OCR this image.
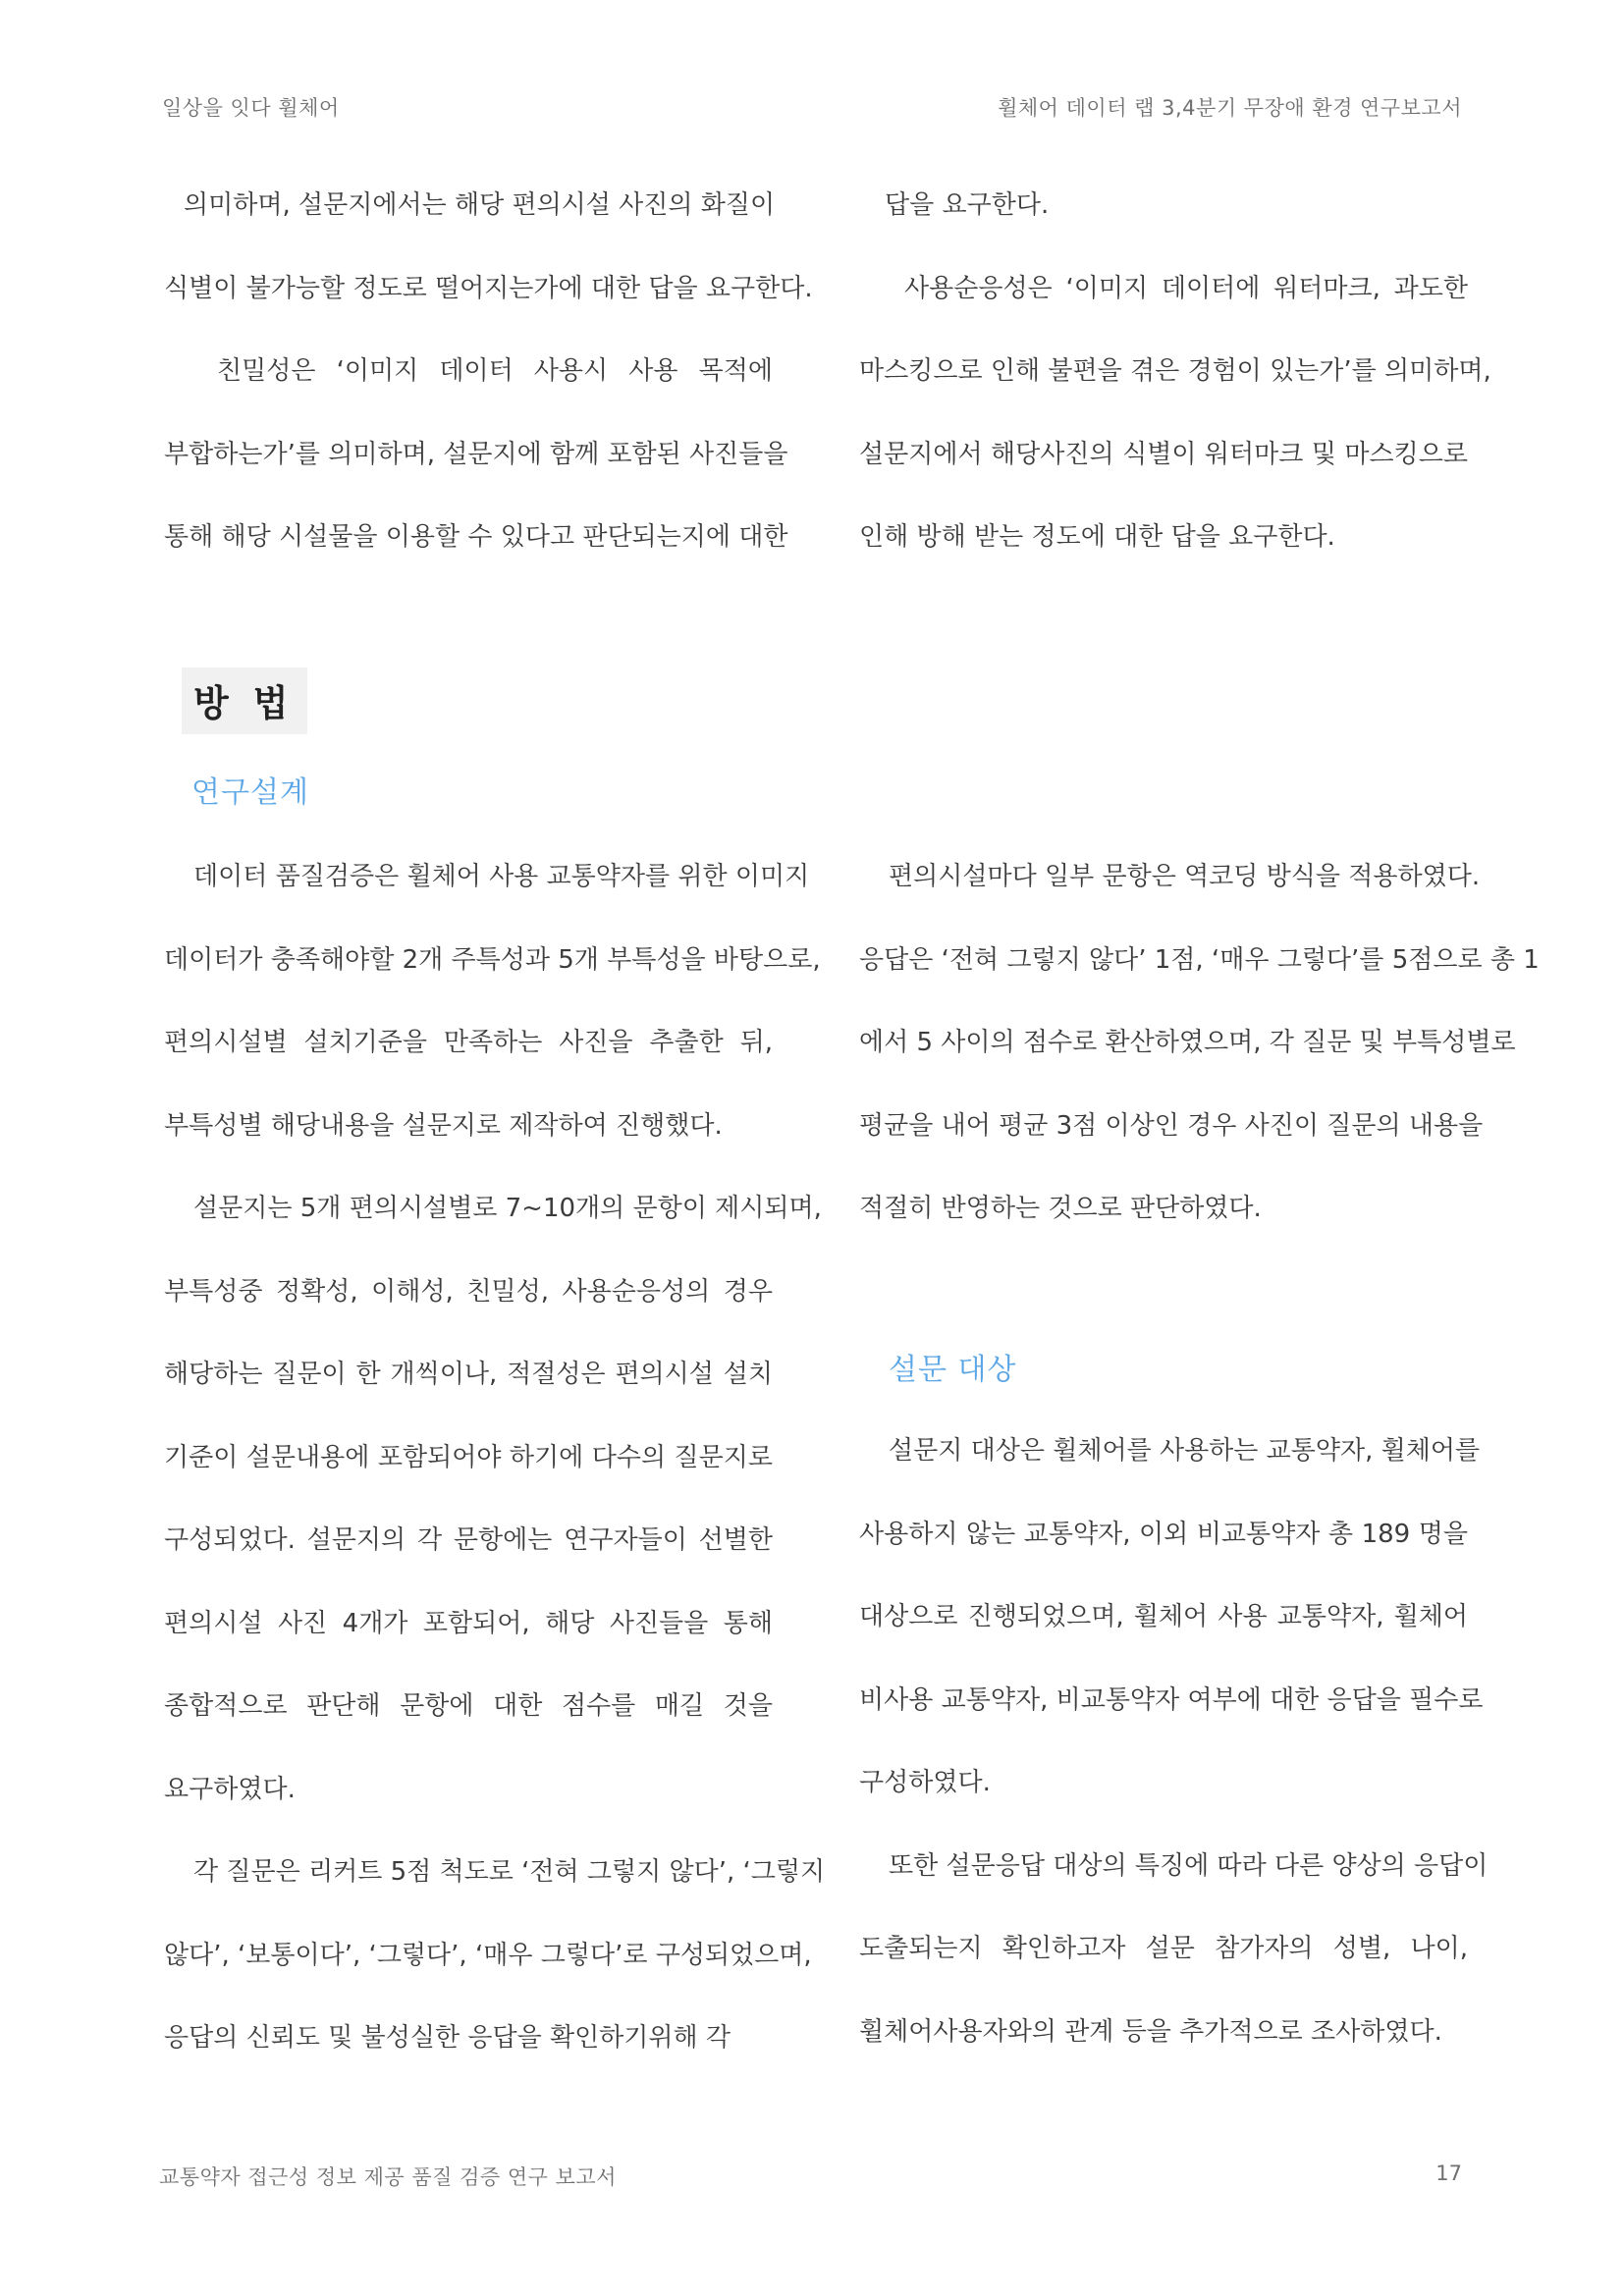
일상을 잇다 휠체어	휠체어 데이터 랩 3,4분기 무장애 환경 연구보고서

의미하며, 설문지에서는 해당 편의시설 사진의 화질이

식별이 불가능할 정도로 떨어지는가에 대한 답을 요구한다.

친밀성은 ‘이미지 데이터 사용시 사용 목적에

부합하는가’를 의미하며, 설문지에 함께 포함된 사진들을

통해 해당 시설물을 이용할 수 있다고 판단되는지에 대한

답을 요구한다.

사용순응성은 ‘이미지 데이터에 워터마크, 과도한

마스킹으로 인해 불편을 겪은 경험이 있는가’를 의미하며,

설문지에서 해당사진의 식별이 워터마크 및 마스킹으로

인해 방해 받는 정도에 대한 답을 요구한다.

방 법
연구설계

데이터 품질검증은 휠체어 사용 교통약자를 위한 이미지

데이터가 충족해야할 2개 주특성과 5개 부특성을 바탕으로,

편의시설별 설치기준을 만족하는 사진을 추출한 뒤,

부특성별 해당내용을 설문지로 제작하여 진행했다.

설문지는 5개 편의시설별로 7~10개의 문항이 제시되며,

부특성중 정확성, 이해성, 친밀성, 사용순응성의 경우

해당하는 질문이 한 개씩이나, 적절성은 편의시설 설치

기준이 설문내용에 포함되어야 하기에 다수의 질문지로

구성되었다. 설문지의 각 문항에는 연구자들이 선별한

편의시설 사진 4개가 포함되어, 해당 사진들을 통해

종합적으로 판단해 문항에 대한 점수를 매길 것을

요구하였다.

각 질문은 리커트 5점 척도로 ‘전혀 그렇지 않다’, ‘그렇지

않다’, ‘보통이다’, ‘그렇다’, ‘매우 그렇다’로 구성되었으며,

응답의 신뢰도 및 불성실한 응답을 확인하기위해 각

편의시설마다 일부 문항은 역코딩 방식을 적용하였다.

응답은 ‘전혀 그렇지 않다’ 1점, ‘매우 그렇다’를 5점으로 총 1

에서 5 사이의 점수로 환산하였으며, 각 질문 및 부특성별로

평균을 내어 평균 3점 이상인 경우 사진이 질문의 내용을

적절히 반영하는 것으로 판단하였다.

설문 대상

설문지 대상은 휠체어를 사용하는 교통약자, 휠체어를

사용하지 않는 교통약자, 이외 비교통약자 총 189 명을

대상으로 진행되었으며, 휠체어 사용 교통약자, 휠체어

비사용 교통약자, 비교통약자 여부에 대한 응답을 필수로

구성하였다.

또한 설문응답 대상의 특징에 따라 다른 양상의 응답이

도출되는지 확인하고자 설문 참가자의 성별, 나이,

휠체어사용자와의 관계 등을 추가적으로 조사하였다.

교통약자 접근성 정보 제공 품질 검증 연구 보고서	17
